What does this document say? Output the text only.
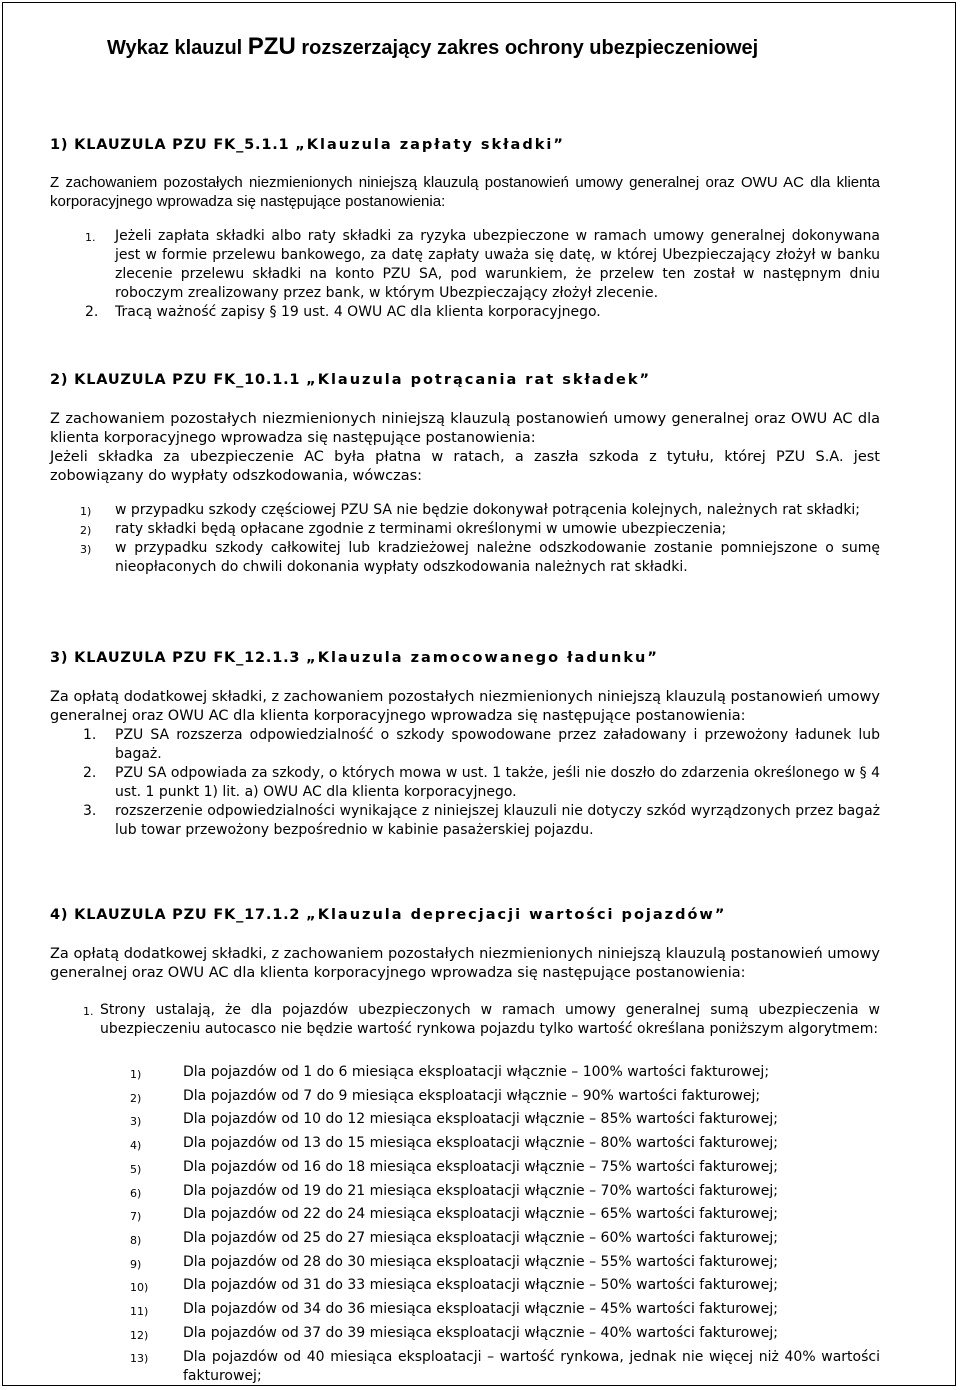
Wykaz klauzul PZU rozszerzający zakres ochrony ubezpieczeniowej
1) KLAUZULA PZU FK_5.1.1 „Klauzula zapłaty składki”

Z zachowaniem pozostałych niezmienionych niniejszą klauzulą postanowień umowy generalnej oraz OWU AC dla klienta korporacyjnego wprowadza się następujące postanowienia:

1. Jeżeli zapłata składki albo raty składki za ryzyka ubezpieczone w ramach umowy generalnej dokonywana jest w formie przelewu bankowego, za datę zapłaty uważa się datę, w której Ubezpieczający złożył w banku zlecenie przelewu składki na konto PZU SA, pod warunkiem, że przelew ten został w następnym dniu roboczym zrealizowany przez bank, w którym Ubezpieczający złożył zlecenie.
2. Tracą ważność zapisy § 19 ust. 4 OWU AC dla klienta korporacyjnego.
2) KLAUZULA PZU FK_10.1.1 „Klauzula potrącania rat składek”

Z zachowaniem pozostałych niezmienionych niniejszą klauzulą postanowień umowy generalnej oraz OWU AC dla klienta korporacyjnego wprowadza się następujące postanowienia:

Jeżeli składka za ubezpieczenie AC była płatna w ratach, a zaszła szkoda z tytułu, której PZU S.A. jest zobowiązany do wypłaty odszkodowania, wówczas:

1) w przypadku szkody częściowej PZU SA nie będzie dokonywał potrącenia kolejnych, należnych rat składki;
2) raty składki będą opłacane zgodnie z terminami określonymi w umowie ubezpieczenia;
3) w przypadku szkody całkowitej lub kradzieżowej należne odszkodowanie zostanie pomniejszone o sumę nieopłaconych do chwili dokonania wypłaty odszkodowania należnych rat składki.
3) KLAUZULA PZU FK_12.1.3 „Klauzula zamocowanego ładunku”

Za opłatą dodatkowej składki, z zachowaniem pozostałych niezmienionych niniejszą klauzulą postanowień umowy generalnej oraz OWU AC dla klienta korporacyjnego wprowadza się następujące postanowienia:

1. PZU SA rozszerza odpowiedzialność o szkody spowodowane przez załadowany i przewożony ładunek lub bagaż.
2. PZU SA odpowiada za szkody, o których mowa w ust. 1 także, jeśli nie doszło do zdarzenia określonego w § 4 ust. 1 punkt 1) lit. a) OWU AC dla klienta korporacyjnego.
3. rozszerzenie odpowiedzialności wynikające z niniejszej klauzuli nie dotyczy szkód wyrządzonych przez bagaż lub towar przewożony bezpośrednio w kabinie pasażerskiej pojazdu.
4) KLAUZULA PZU FK_17.1.2 „Klauzula deprecjacji wartości pojazdów”

Za opłatą dodatkowej składki, z zachowaniem pozostałych niezmienionych niniejszą klauzulą postanowień umowy generalnej oraz OWU AC dla klienta korporacyjnego wprowadza się następujące postanowienia:

1. Strony ustalają, że dla pojazdów ubezpieczonych w ramach umowy generalnej sumą ubezpieczenia w ubezpieczeniu autocasco nie będzie wartość rynkowa pojazdu tylko wartość określana poniższym algorytmem:
1)	Dla pojazdów od 1 do 6 miesiąca eksploatacji włącznie – 100% wartości fakturowej;
2)	Dla pojazdów od 7 do 9 miesiąca eksploatacji włącznie – 90% wartości fakturowej;
3)	Dla pojazdów od 10 do 12 miesiąca eksploatacji włącznie – 85% wartości fakturowej;
4)	Dla pojazdów od 13 do 15 miesiąca eksploatacji włącznie – 80% wartości fakturowej;
5)	Dla pojazdów od 16 do 18 miesiąca eksploatacji włącznie – 75% wartości fakturowej;
6)	Dla pojazdów od 19 do 21 miesiąca eksploatacji włącznie – 70% wartości fakturowej;
7)	Dla pojazdów od 22 do 24 miesiąca eksploatacji włącznie – 65% wartości fakturowej;
8)	Dla pojazdów od 25 do 27 miesiąca eksploatacji włącznie – 60% wartości fakturowej;
9)	Dla pojazdów od 28 do 30 miesiąca eksploatacji włącznie – 55% wartości fakturowej;
10) Dla pojazdów od 31 do 33 miesiąca eksploatacji włącznie – 50% wartości fakturowej;
11) Dla pojazdów od 34 do 36 miesiąca eksploatacji włącznie – 45% wartości fakturowej;
12) Dla pojazdów od 37 do 39 miesiąca eksploatacji włącznie – 40% wartości fakturowej;
13) Dla pojazdów od 40 miesiąca eksploatacji – wartość rynkowa, jednak nie więcej niż 40% wartości fakturowej;
